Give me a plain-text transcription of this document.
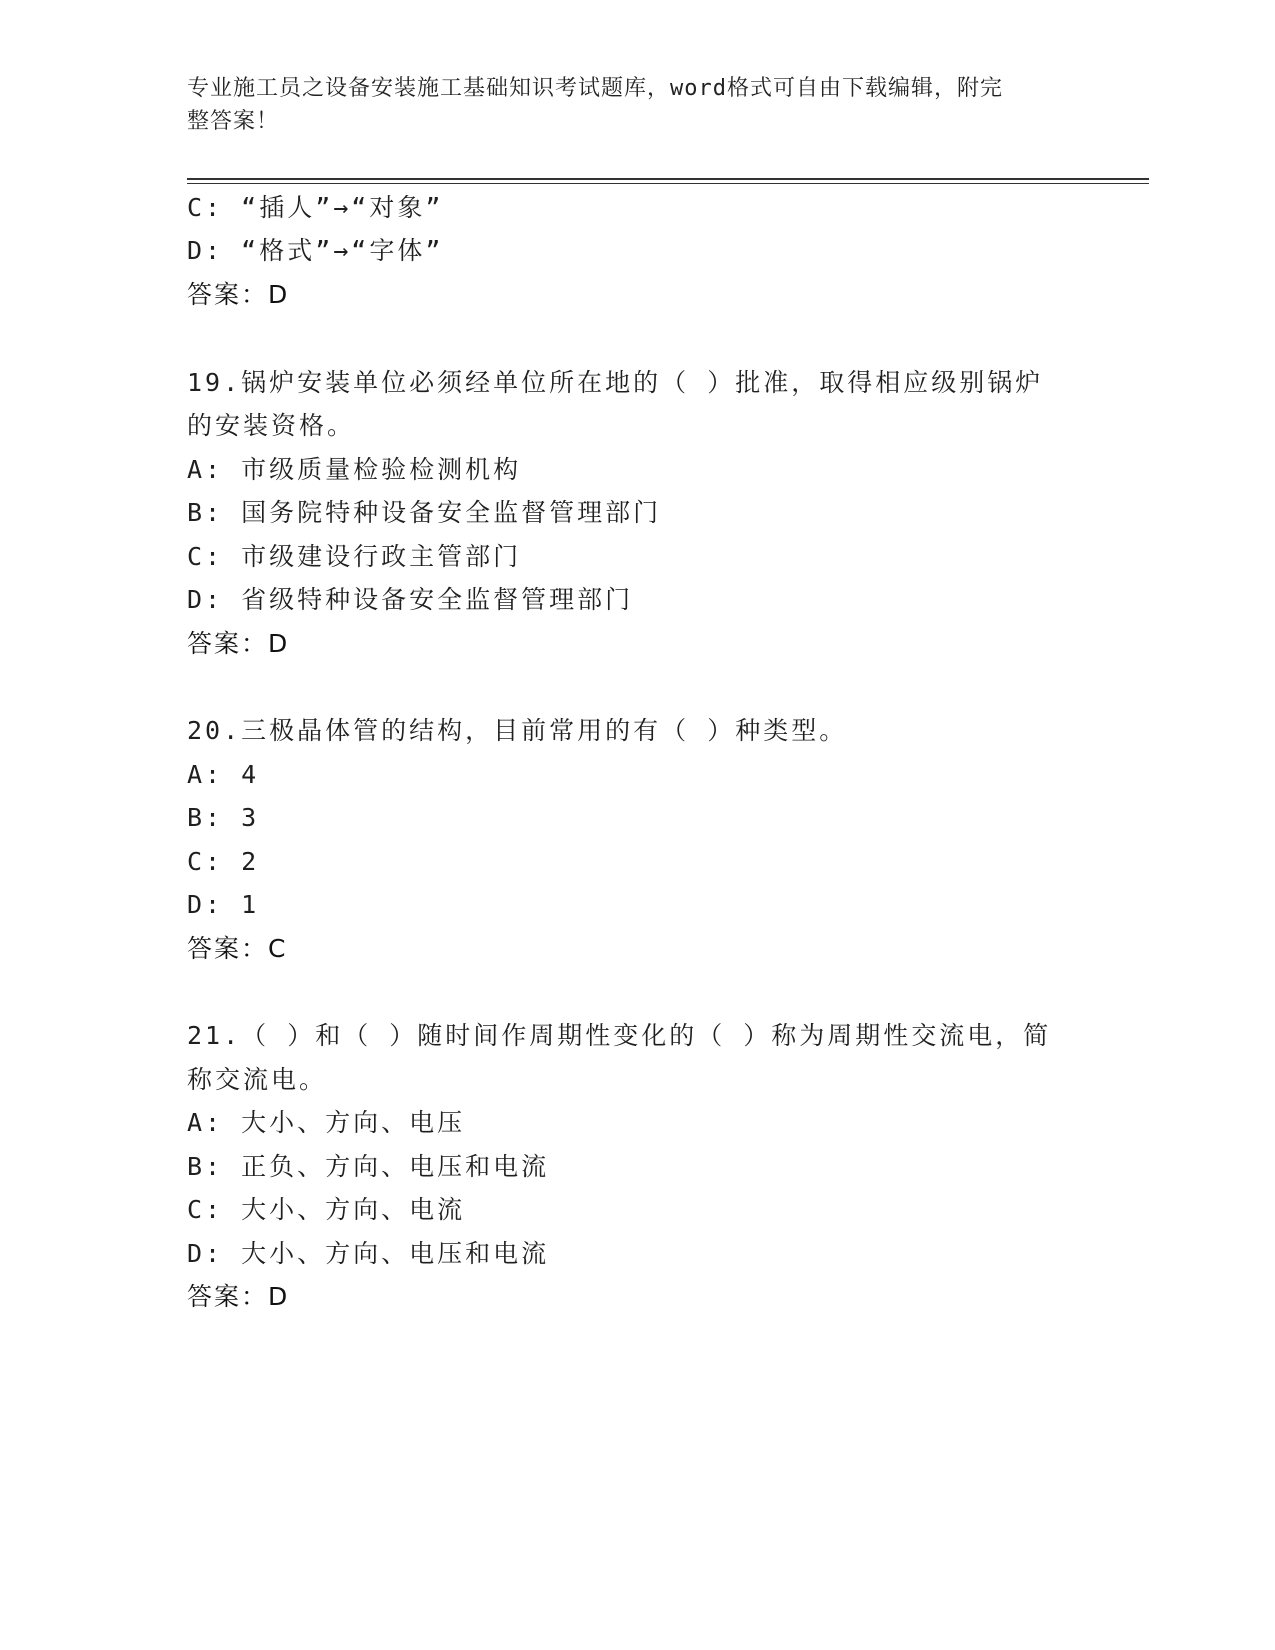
专业施工员之设备安装施工基础知识考试题库，word格式可自由下载编辑，附完
整答案！
C: “插人”→“对象”
D: “格式”→“字体”
答案：D
19.锅炉安装单位必须经单位所在地的（ ）批准，取得相应级别锅炉
的安装资格。
A: 市级质量检验检测机构
B: 国务院特种设备安全监督管理部门
C: 市级建设行政主管部门
D: 省级特种设备安全监督管理部门
答案：D
20.三极晶体管的结构，目前常用的有（ ）种类型。
A: 4
B: 3
C: 2
D: 1
答案：C
21.（ ）和（ ）随时间作周期性变化的（ ）称为周期性交流电，简
称交流电。
A: 大小、方向、电压
B: 正负、方向、电压和电流
C: 大小、方向、电流
D: 大小、方向、电压和电流
答案：D
